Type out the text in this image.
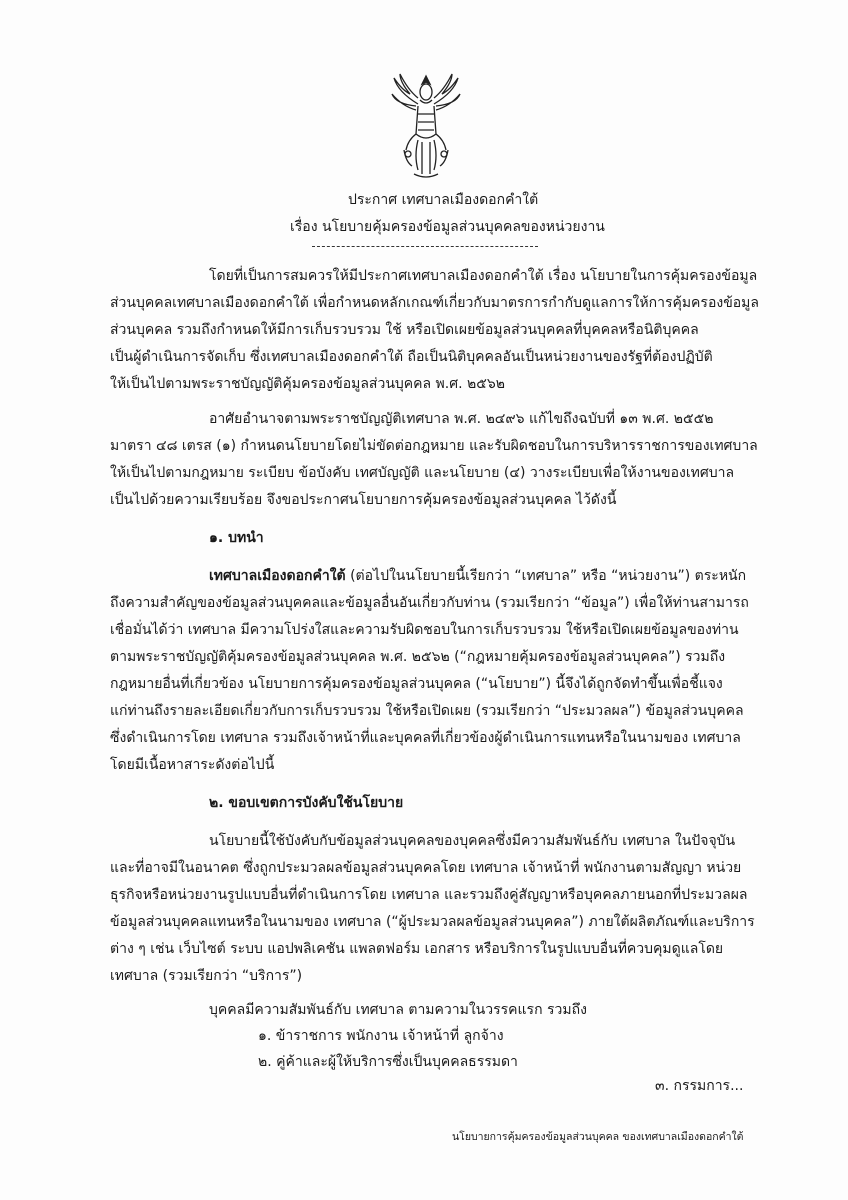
ประกาศ เทศบาลเมืองดอกคำใต้
เรื่อง นโยบายคุ้มครองข้อมูลส่วนบุคคลของหน่วยงาน
โดยที่เป็นการสมควรให้มีประกาศเทศบาลเมืองดอกคำใต้ เรื่อง นโยบายในการคุ้มครองข้อมูล
ส่วนบุคคลเทศบาลเมืองดอกคำใต้ เพื่อกำหนดหลักเกณฑ์เกี่ยวกับมาตรการกำกับดูแลการให้การคุ้มครองข้อมูล
ส่วนบุคคล รวมถึงกำหนดให้มีการเก็บรวบรวม ใช้ หรือเปิดเผยข้อมูลส่วนบุคคลที่บุคคลหรือนิติบุคคล
เป็นผู้ดำเนินการจัดเก็บ ซึ่งเทศบาลเมืองดอกคำใต้ ถือเป็นนิติบุคคลอันเป็นหน่วยงานของรัฐที่ต้องปฏิบัติ
ให้เป็นไปตามพระราชบัญญัติคุ้มครองข้อมูลส่วนบุคคล พ.ศ. ๒๕๖๒
อาศัยอำนาจตามพระราชบัญญัติเทศบาล พ.ศ. ๒๔๙๖ แก้ไขถึงฉบับที่ ๑๓ พ.ศ. ๒๕๕๒
มาตรา ๔๘ เตรส (๑) กำหนดนโยบายโดยไม่ขัดต่อกฎหมาย และรับผิดชอบในการบริหารราชการของเทศบาล
ให้เป็นไปตามกฎหมาย ระเบียบ ข้อบังคับ เทศบัญญัติ และนโยบาย (๔) วางระเบียบเพื่อให้งานของเทศบาล
เป็นไปด้วยความเรียบร้อย จึงขอประกาศนโยบายการคุ้มครองข้อมูลส่วนบุคคล ไว้ดังนี้
๑. บทนำ
เทศบาลเมืองดอกคำใต้ (ต่อไปในนโยบายนี้เรียกว่า “เทศบาล” หรือ “หน่วยงาน”) ตระหนัก
ถึงความสำคัญของข้อมูลส่วนบุคคลและข้อมูลอื่นอันเกี่ยวกับท่าน (รวมเรียกว่า “ข้อมูล”) เพื่อให้ท่านสามารถ
เชื่อมั่นได้ว่า เทศบาล มีความโปร่งใสและความรับผิดชอบในการเก็บรวบรวม ใช้หรือเปิดเผยข้อมูลของท่าน
ตามพระราชบัญญัติคุ้มครองข้อมูลส่วนบุคคล พ.ศ. ๒๕๖๒ (“กฎหมายคุ้มครองข้อมูลส่วนบุคคล”) รวมถึง
กฎหมายอื่นที่เกี่ยวข้อง นโยบายการคุ้มครองข้อมูลส่วนบุคคล (“นโยบาย”) นี้จึงได้ถูกจัดทำขึ้นเพื่อชี้แจง
แก่ท่านถึงรายละเอียดเกี่ยวกับการเก็บรวบรวม ใช้หรือเปิดเผย (รวมเรียกว่า “ประมวลผล”) ข้อมูลส่วนบุคคล
ซึ่งดำเนินการโดย เทศบาล รวมถึงเจ้าหน้าที่และบุคคลที่เกี่ยวข้องผู้ดำเนินการแทนหรือในนามของ เทศบาล
โดยมีเนื้อหาสาระดังต่อไปนี้
๒. ขอบเขตการบังคับใช้นโยบาย
นโยบายนี้ใช้บังคับกับข้อมูลส่วนบุคคลของบุคคลซึ่งมีความสัมพันธ์กับ เทศบาล ในปัจจุบัน
และที่อาจมีในอนาคต ซึ่งถูกประมวลผลข้อมูลส่วนบุคคลโดย เทศบาล เจ้าหน้าที่ พนักงานตามสัญญา หน่วย
ธุรกิจหรือหน่วยงานรูปแบบอื่นที่ดำเนินการโดย เทศบาล และรวมถึงคู่สัญญาหรือบุคคลภายนอกที่ประมวลผล
ข้อมูลส่วนบุคคลแทนหรือในนามของ เทศบาล (“ผู้ประมวลผลข้อมูลส่วนบุคคล”) ภายใต้ผลิตภัณฑ์และบริการ
ต่าง ๆ เช่น เว็บไซต์ ระบบ แอปพลิเคชัน แพลตฟอร์ม เอกสาร หรือบริการในรูปแบบอื่นที่ควบคุมดูแลโดย
เทศบาล (รวมเรียกว่า “บริการ”)
บุคคลมีความสัมพันธ์กับ เทศบาล ตามความในวรรคแรก รวมถึง
๑. ข้าราชการ พนักงาน เจ้าหน้าที่ ลูกจ้าง
๒. คู่ค้าและผู้ให้บริการซึ่งเป็นบุคคลธรรมดา
๓. กรรมการ...
นโยบายการคุ้มครองข้อมูลส่วนบุคคล ของเทศบาลเมืองดอกคำใต้
